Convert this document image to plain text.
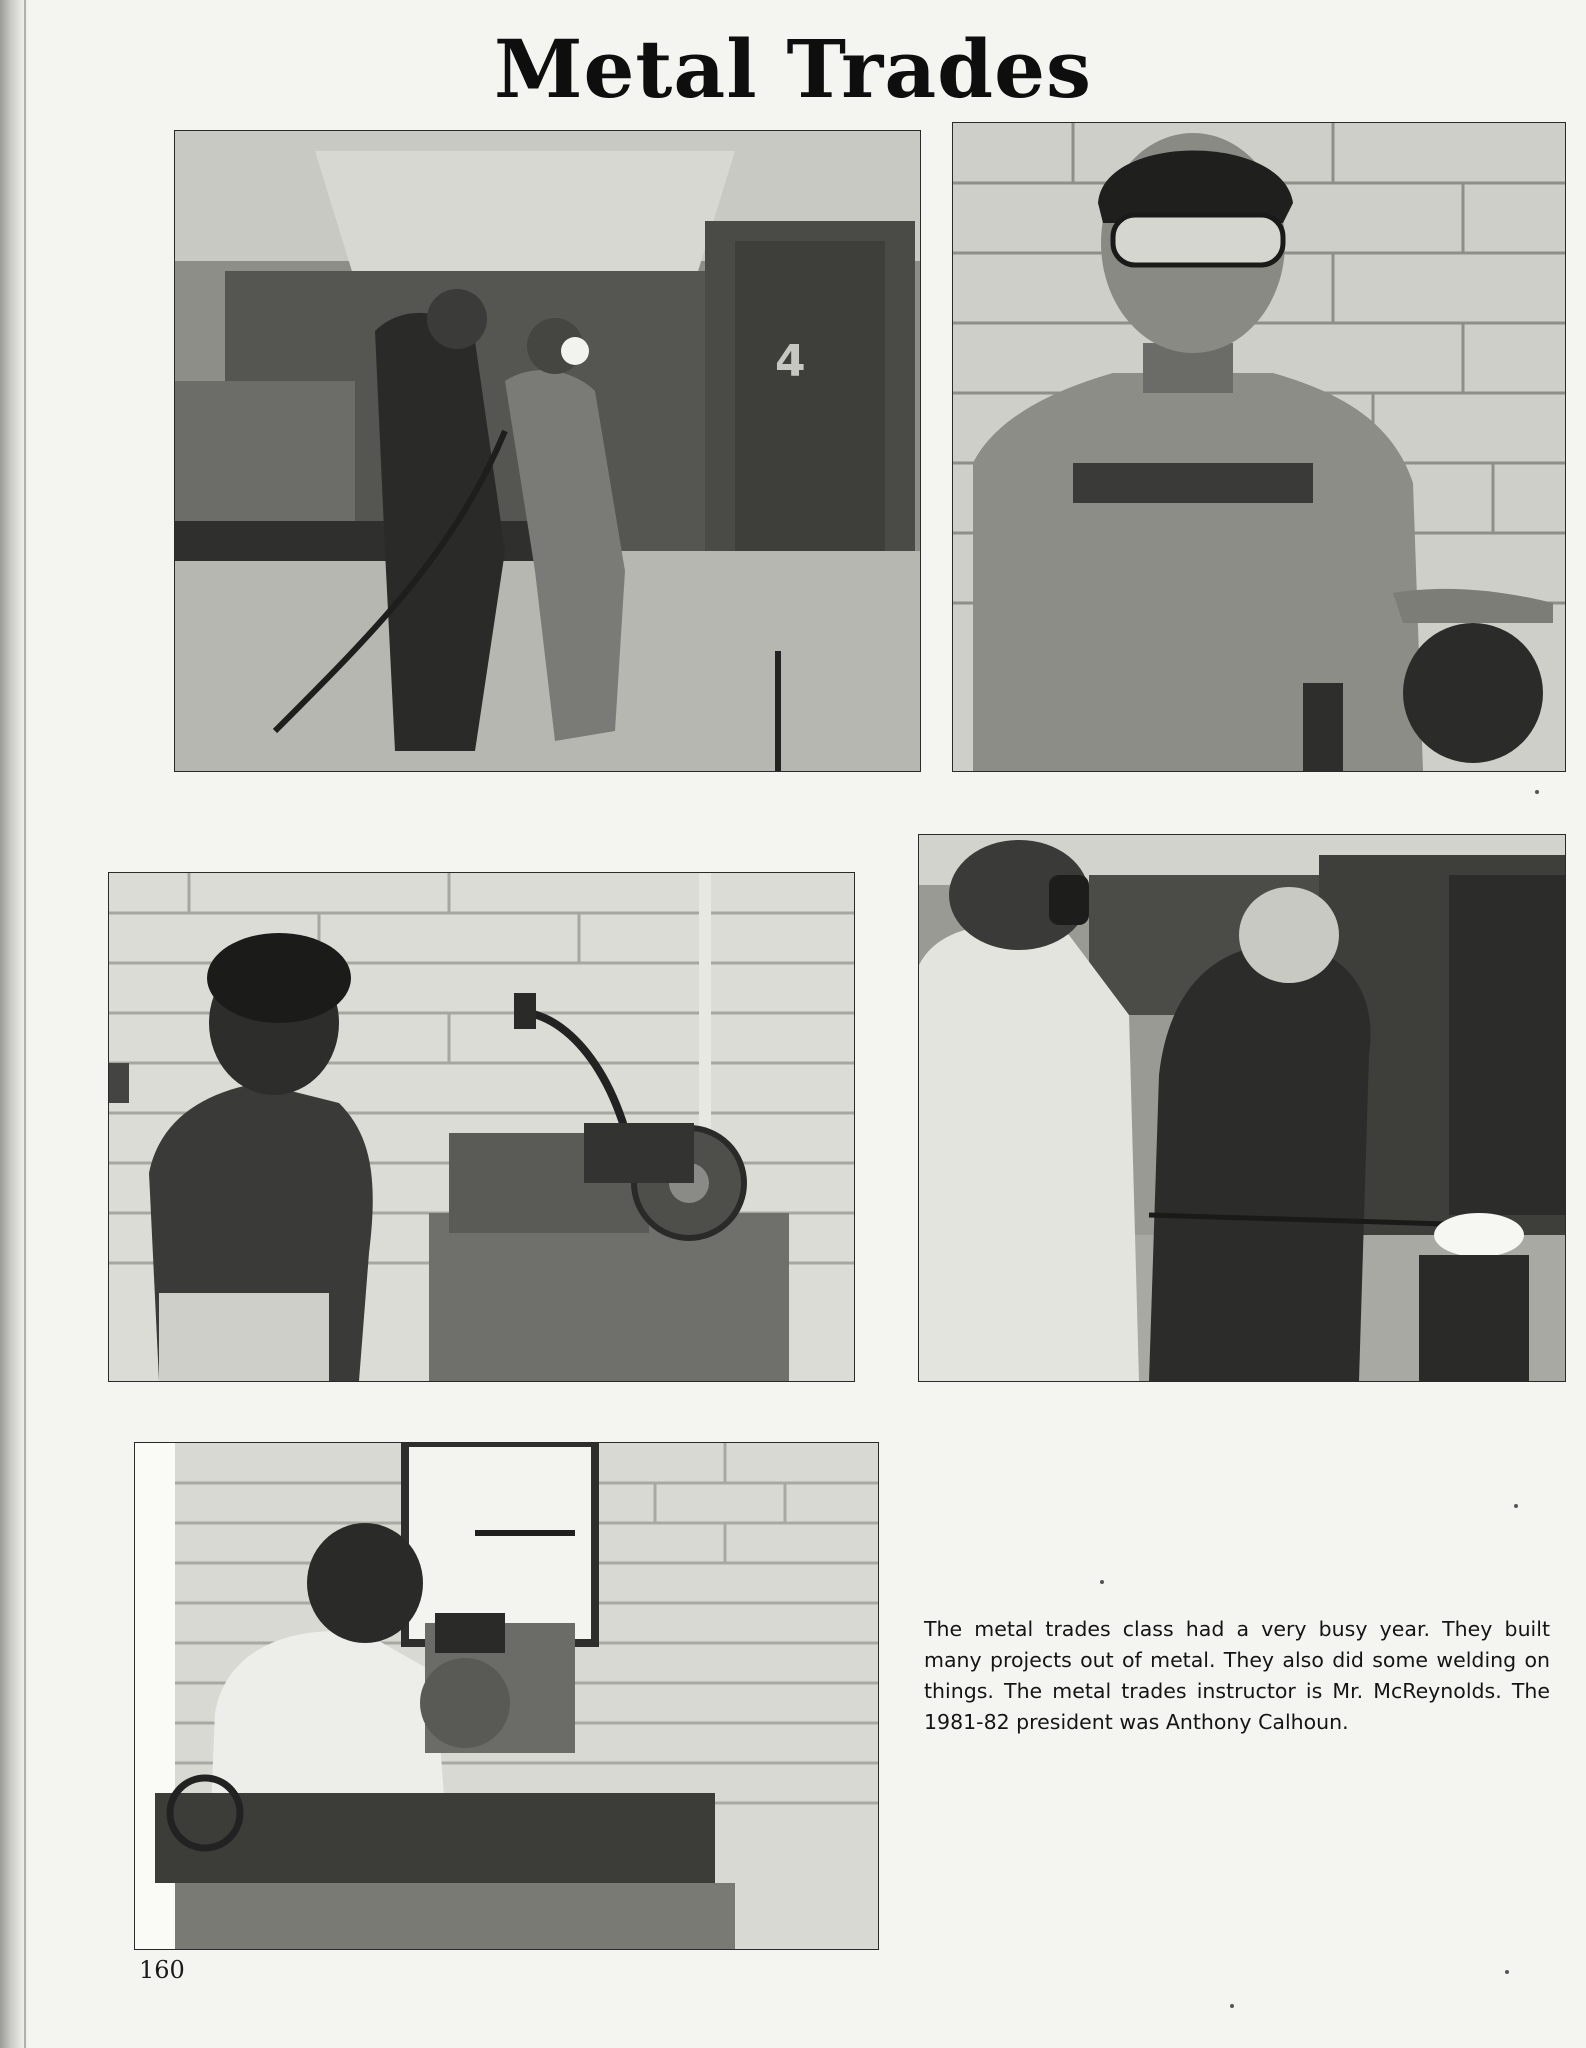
Metal Trades
4

The metal trades class had a very busy year. They built many projects out of metal. They also did some welding on things. The metal trades instructor is Mr. McReynolds. The 1981-82 president was Anthony Calhoun.

160
